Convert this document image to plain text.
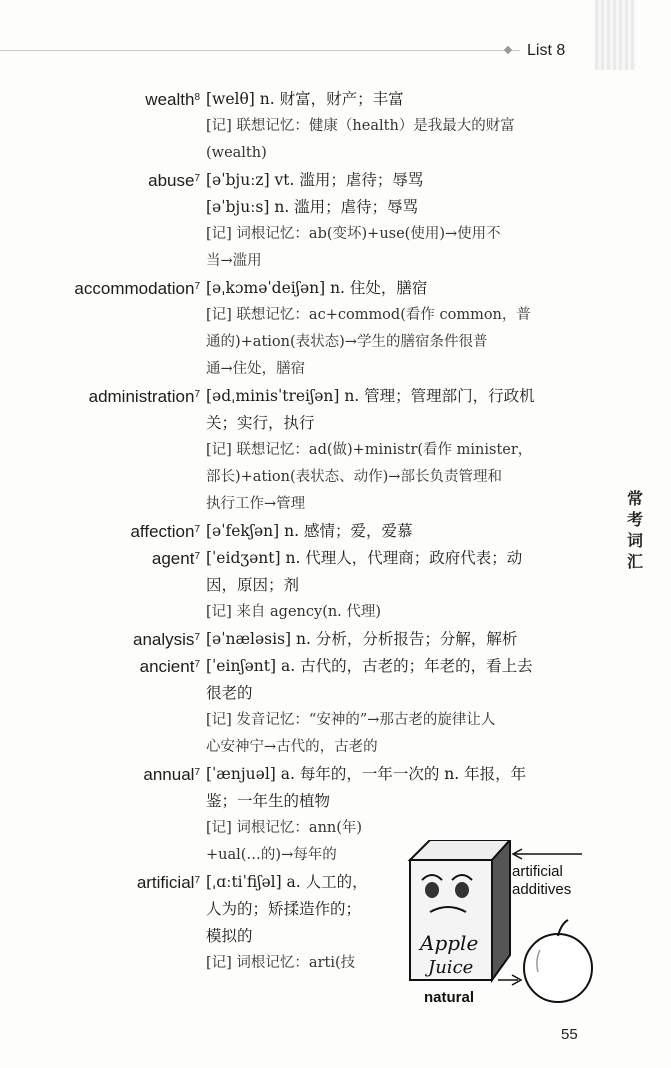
List 8
wealth$^8$ [welθ] n. 财富，财产；丰富

[记] 联想记忆：健康（health）是我最大的财富

(wealth)

abuse$^7$ [əˈbjuːz] vt. 滥用；虐待；辱骂

[əˈbjuːs] n. 滥用；虐待；辱骂

[记] 词根记忆：ab(变坏)+use(使用)→使用不

当→滥用

accommodation$^7$ [əˌkɔməˈdeiʃən] n. 住处，膳宿

[记] 联想记忆：ac+commod(看作 common，普

通的)+ation(表状态)→学生的膳宿条件很普

通→住处，膳宿

administration$^7$ [ədˌminisˈtreiʃən] n. 管理；管理部门，行政机

关；实行，执行

[记] 联想记忆：ad(做)+ministr(看作 minister，

部长)+ation(表状态、动作)→部长负责管理和

执行工作→管理

affection$^7$ [əˈfekʃən] n. 感情；爱，爱慕

agent$^7$ [ˈeidʒənt] n. 代理人，代理商；政府代表；动

因，原因；剂

[记] 来自 agency(n. 代理)

analysis$^7$ [əˈnæləsis] n. 分析，分析报告；分解，解析

ancient$^7$ [ˈeinʃənt] a. 古代的，古老的；年老的，看上去

很老的

[记] 发音记忆：“安神的”→那古老的旋律让人

心安神宁→古代的，古老的

annual$^7$ [ˈænjuəl] a. 每年的，一年一次的 n. 年报，年

鉴；一年生的植物

[记] 词根记忆：ann(年)

+ual(…的)→每年的

artificial$^7$ [ˌɑːtiˈfiʃəl] a. 人工的，

人为的；矫揉造作的；

模拟的

[记] 词根记忆：arti(技

常
考
词
汇
Apple
Juice
artificial
additives
natural
55
